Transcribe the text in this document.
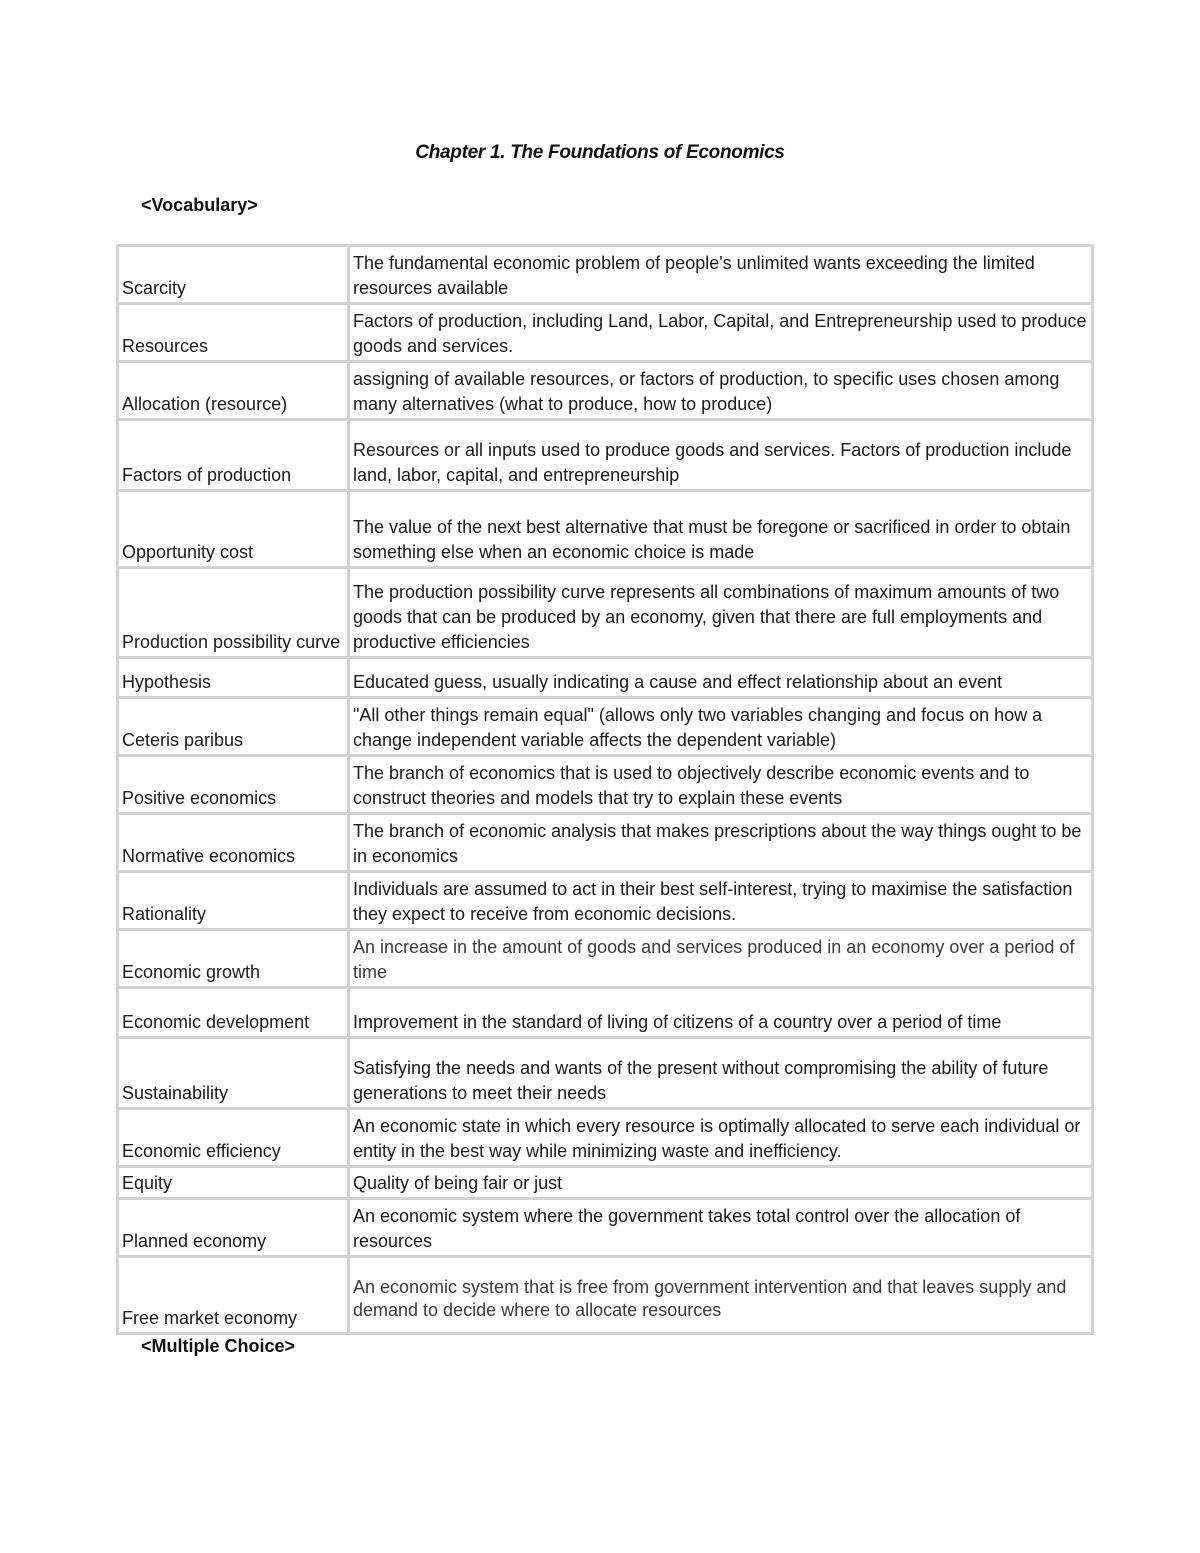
Chapter 1. The Foundations of Economics
<Vocabulary>
Scarcity	The fundamental economic problem of people's unlimited wants exceeding the limited resources available
Resources	Factors of production, including Land, Labor, Capital, and Entrepreneurship used to produce goods and services.
Allocation (resource)	assigning of available resources, or factors of production, to specific uses chosen among many alternatives (what to produce, how to produce)
Factors of production	Resources or all inputs used to produce goods and services. Factors of production include land, labor, capital, and entrepreneurship
Opportunity cost	The value of the next best alternative that must be foregone or sacrificed in order to obtain something else when an economic choice is made
Production possibility curve	The production possibility curve represents all combinations of maximum amounts of two goods that can be produced by an economy, given that there are full employments and productive efficiencies
Hypothesis	Educated guess, usually indicating a cause and effect relationship about an event
Ceteris paribus	"All other things remain equal" (allows only two variables changing and focus on how a change independent variable affects the dependent variable)
Positive economics	The branch of economics that is used to objectively describe economic events and to construct theories and models that try to explain these events
Normative economics	The branch of economic analysis that makes prescriptions about the way things ought to be in economics
Rationality	Individuals are assumed to act in their best self-interest, trying to maximise the satisfaction they expect to receive from economic decisions.
Economic growth	An increase in the amount of goods and services produced in an economy over a period of time
Economic development	Improvement in the standard of living of citizens of a country over a period of time
Sustainability	Satisfying the needs and wants of the present without compromising the ability of future generations to meet their needs
Economic efficiency	An economic state in which every resource is optimally allocated to serve each individual or entity in the best way while minimizing waste and inefficiency.
Equity	Quality of being fair or just
Planned economy	An economic system where the government takes total control over the allocation of resources
Free market economy	An economic system that is free from government intervention and that leaves supply and demand to decide where to allocate resources
<Multiple Choice>
